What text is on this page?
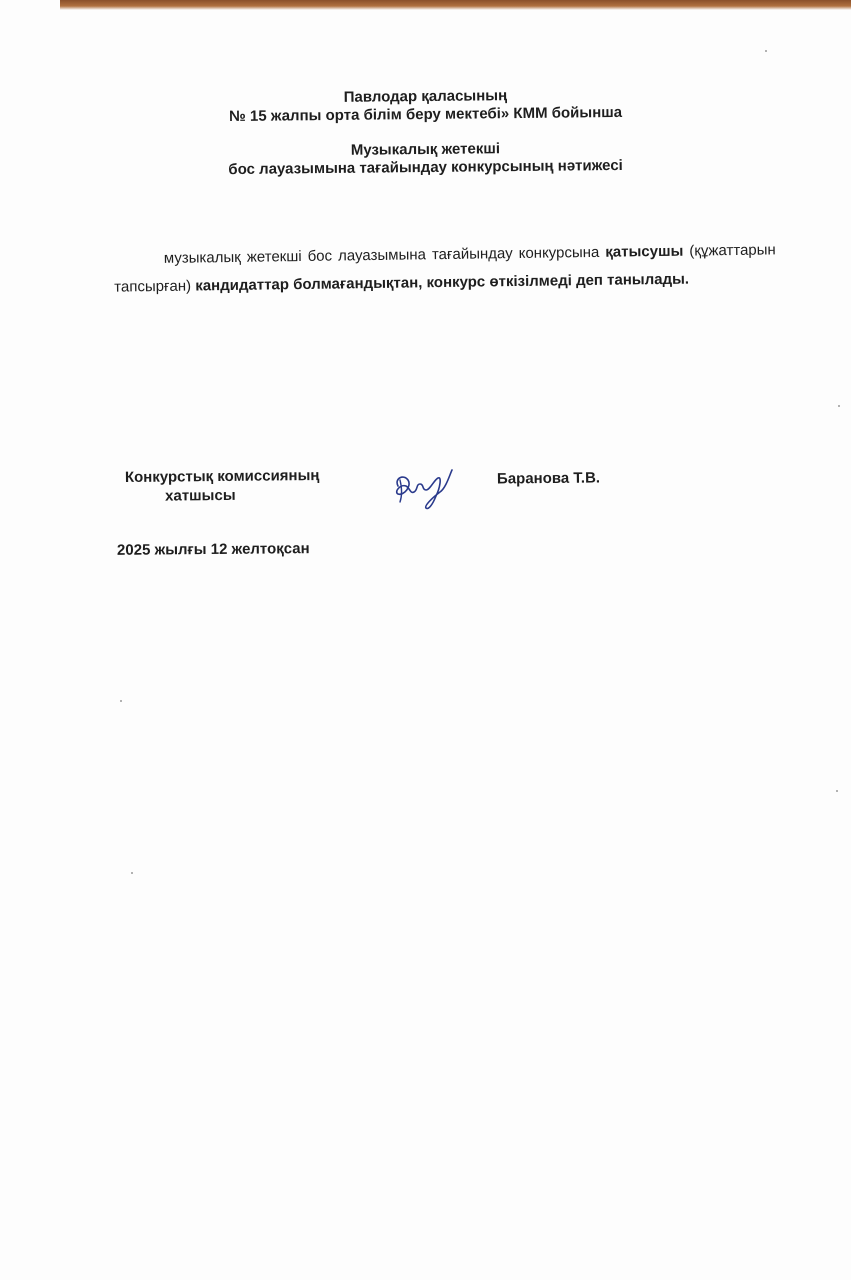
Павлодар қаласының
№ 15 жалпы орта білім беру мектебі» КММ бойынша
Музыкалық жетекші
бос лауазымына тағайындау конкурсының нәтижесі
музыкалық жетекші бос лауазымына тағайындау конкурсына қатысушы (құжаттарын тапсырған) кандидаттар болмағандықтан, конкурс өткізілмеді деп танылады.
Конкурстық комиссияның
хатшысы
Баранова Т.В.
2025 жылғы 12 желтоқсан
